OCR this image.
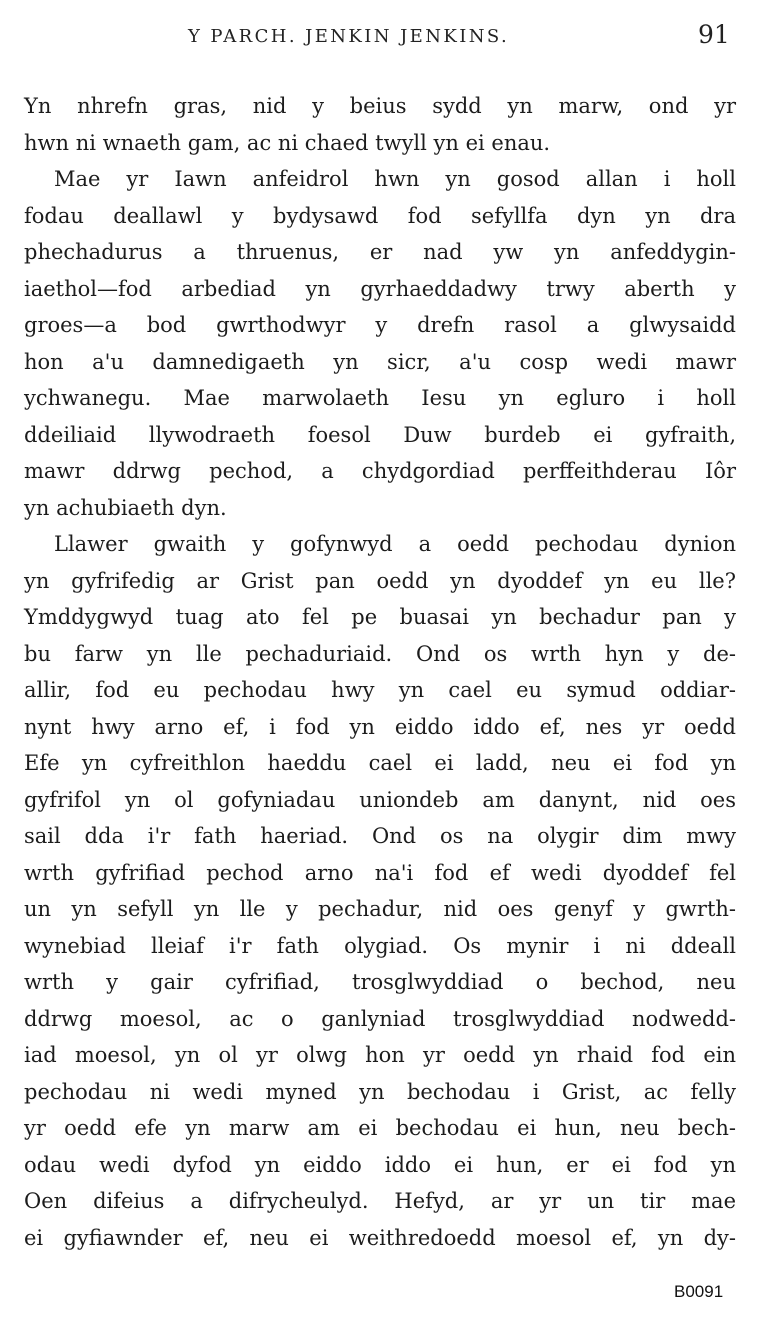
Y PARCH. JENKIN JENKINS.	91
Yn nhrefn gras, nid y beius sydd yn marw, ond yr
hwn ni wnaeth gam, ac ni chaed twyll yn ei enau.
Mae yr Iawn anfeidrol hwn yn gosod allan i holl
fodau deallawl y bydysawd fod sefyllfa dyn yn dra
phechadurus a thruenus, er nad yw yn anfeddygin-
iaethol—fod arbediad yn gyrhaeddadwy trwy aberth y
groes—a bod gwrthodwyr y drefn rasol a glwysaidd
hon a'u damnedigaeth yn sicr, a'u cosp wedi mawr
ychwanegu. Mae marwolaeth Iesu yn egluro i holl
ddeiliaid llywodraeth foesol Duw burdeb ei gyfraith,
mawr ddrwg pechod, a chydgordiad perffeithderau Iôr
yn achubiaeth dyn.
Llawer gwaith y gofynwyd a oedd pechodau dynion
yn gyfrifedig ar Grist pan oedd yn dyoddef yn eu lle?
Ymddygwyd tuag ato fel pe buasai yn bechadur pan y
bu farw yn lle pechaduriaid. Ond os wrth hyn y de-
allir, fod eu pechodau hwy yn cael eu symud oddiar-
nynt hwy arno ef, i fod yn eiddo iddo ef, nes yr oedd
Efe yn cyfreithlon haeddu cael ei ladd, neu ei fod yn
gyfrifol yn ol gofyniadau uniondeb am danynt, nid oes
sail dda i'r fath haeriad. Ond os na olygir dim mwy
wrth gyfrifiad pechod arno na'i fod ef wedi dyoddef fel
un yn sefyll yn lle y pechadur, nid oes genyf y gwrth-
wynebiad lleiaf i'r fath olygiad. Os mynir i ni ddeall
wrth y gair cyfrifiad, trosglwyddiad o bechod, neu
ddrwg moesol, ac o ganlyniad trosglwyddiad nodwedd-
iad moesol, yn ol yr olwg hon yr oedd yn rhaid fod ein
pechodau ni wedi myned yn bechodau i Grist, ac felly
yr oedd efe yn marw am ei bechodau ei hun, neu bech-
odau wedi dyfod yn eiddo iddo ei hun, er ei fod yn
Oen difeius a difrycheulyd. Hefyd, ar yr un tir mae
ei gyfiawnder ef, neu ei weithredoedd moesol ef, yn dy-
B0091
